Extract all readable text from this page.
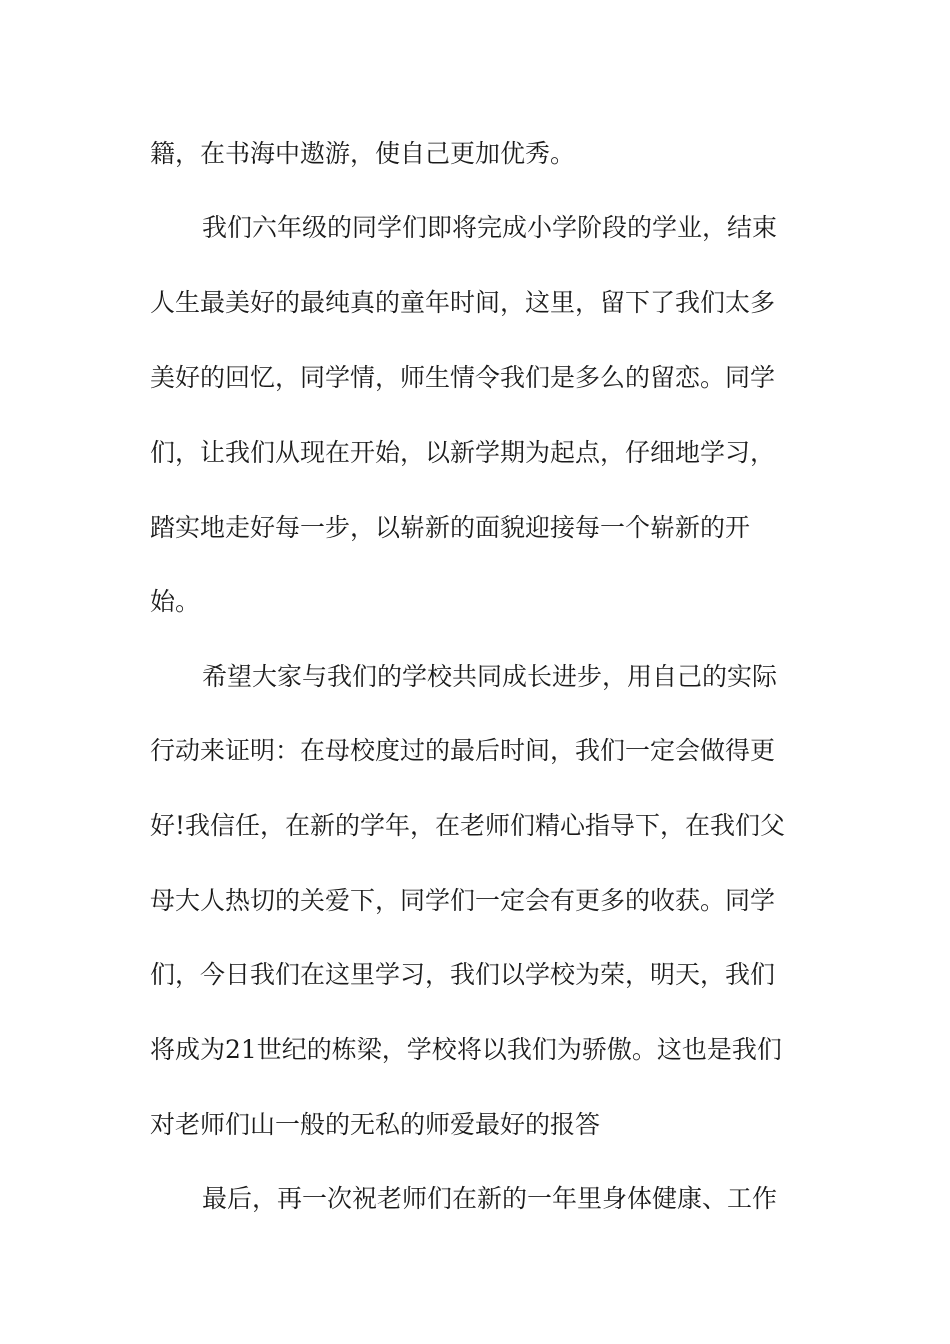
籍，在书海中遨游，使自己更加优秀。
我们六年级的同学们即将完成小学阶段的学业，结束
人生最美好的最纯真的童年时间，这里，留下了我们太多
美好的回忆，同学情，师生情令我们是多么的留恋。同学
们，让我们从现在开始，以新学期为起点，仔细地学习，
踏实地走好每一步，以崭新的面貌迎接每一个崭新的开
始。
希望大家与我们的学校共同成长进步，用自己的实际
行动来证明：在母校度过的最后时间，我们一定会做得更
好!我信任，在新的学年，在老师们精心指导下，在我们父
母大人热切的关爱下，同学们一定会有更多的收获。同学
们，今日我们在这里学习，我们以学校为荣，明天，我们
将成为21世纪的栋梁，学校将以我们为骄傲。这也是我们
对老师们山一般的无私的师爱最好的报答
最后，再一次祝老师们在新的一年里身体健康、工作
